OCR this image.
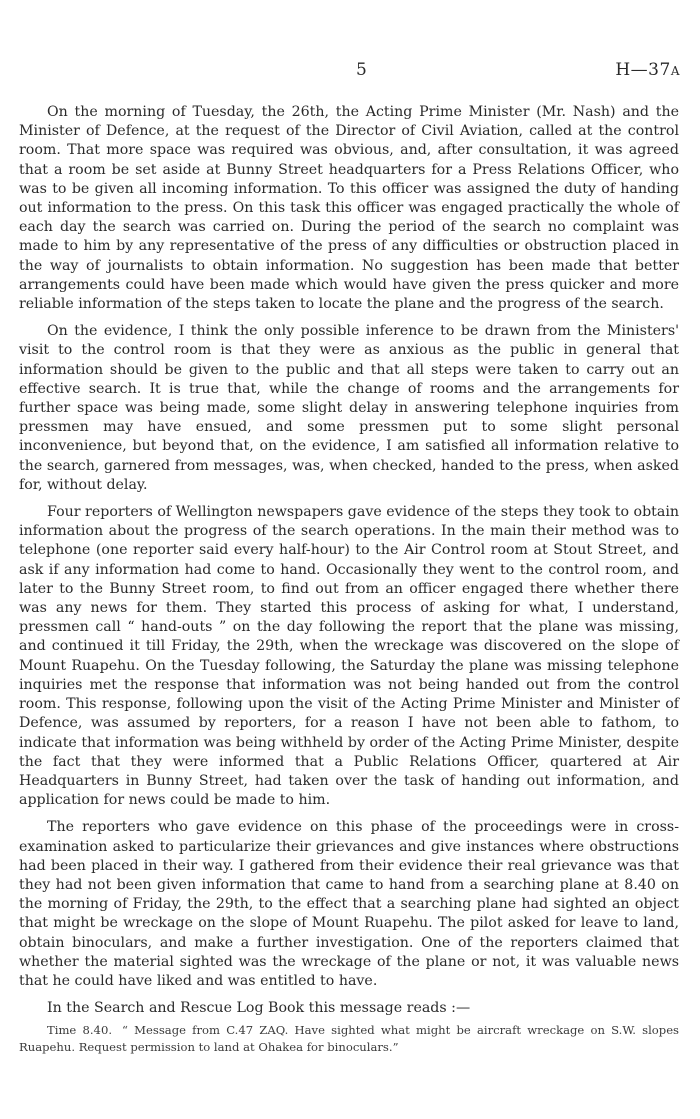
5	H—37A

On the morning of Tuesday, the 26th, the Acting Prime Minister (Mr. Nash) and the Minister of Defence, at the request of the Director of Civil Aviation, called at the control room. That more space was required was obvious, and, after consultation, it was agreed that a room be set aside at Bunny Street headquarters for a Press Relations Officer, who was to be given all incoming information. To this officer was assigned the duty of handing out information to the press. On this task this officer was engaged practically the whole of each day the search was carried on. During the period of the search no complaint was made to him by any representative of the press of any difficulties or obstruction placed in the way of journalists to obtain information. No suggestion has been made that better arrangements could have been made which would have given the press quicker and more reliable information of the steps taken to locate the plane and the progress of the search.

On the evidence, I think the only possible inference to be drawn from the Ministers' visit to the control room is that they were as anxious as the public in general that information should be given to the public and that all steps were taken to carry out an effective search. It is true that, while the change of rooms and the arrangements for further space was being made, some slight delay in answering telephone inquiries from pressmen may have ensued, and some pressmen put to some slight personal inconvenience, but beyond that, on the evidence, I am satisfied all information relative to the search, garnered from messages, was, when checked, handed to the press, when asked for, without delay.

Four reporters of Wellington newspapers gave evidence of the steps they took to obtain information about the progress of the search operations. In the main their method was to telephone (one reporter said every half-hour) to the Air Control room at Stout Street, and ask if any information had come to hand. Occasionally they went to the control room, and later to the Bunny Street room, to find out from an officer engaged there whether there was any news for them. They started this process of asking for what, I understand, pressmen call “ hand-outs ” on the day following the report that the plane was missing, and continued it till Friday, the 29th, when the wreckage was discovered on the slope of Mount Ruapehu. On the Tuesday following, the Saturday the plane was missing telephone inquiries met the response that information was not being handed out from the control room. This response, following upon the visit of the Acting Prime Minister and Minister of Defence, was assumed by reporters, for a reason I have not been able to fathom, to indicate that information was being withheld by order of the Acting Prime Minister, despite the fact that they were informed that a Public Relations Officer, quartered at Air Headquarters in Bunny Street, had taken over the task of handing out information, and application for news could be made to him.

The reporters who gave evidence on this phase of the proceedings were in cross-examination asked to particularize their grievances and give instances where obstructions had been placed in their way. I gathered from their evidence their real grievance was that they had not been given information that came to hand from a searching plane at 8.40 on the morning of Friday, the 29th, to the effect that a searching plane had sighted an object that might be wreckage on the slope of Mount Ruapehu. The pilot asked for leave to land, obtain binoculars, and make a further investigation. One of the reporters claimed that whether the material sighted was the wreckage of the plane or not, it was valuable news that he could have liked and was entitled to have.

In the Search and Rescue Log Book this message reads :—

Time 8.40. “ Message from C.47 ZAQ. Have sighted what might be aircraft wreckage on S.W. slopes Ruapehu. Request permission to land at Ohakea for binoculars.”
